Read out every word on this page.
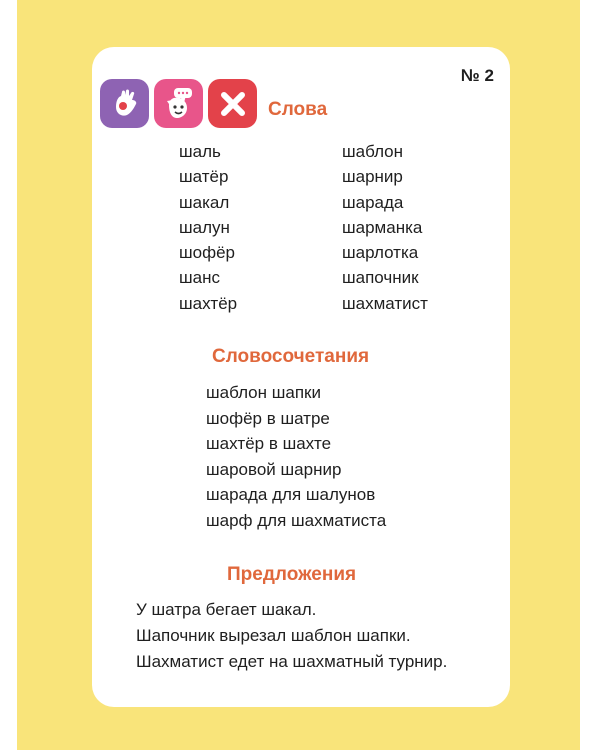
№ 2
Слова
шаль
шатёр
шакал
шалун
шофёр
шанс
шахтёр
шаблон
шарнир
шарада
шарманка
шарлотка
шапочник
шахматист
Словосочетания
шаблон шапки
шофёр в шатре
шахтёр в шахте
шаровой шарнир
шарада для шалунов
шарф для шахматиста
Предложения
У шатра бегает шакал.
Шапочник вырезал шаблон шапки.
Шахматист едет на шахматный турнир.
